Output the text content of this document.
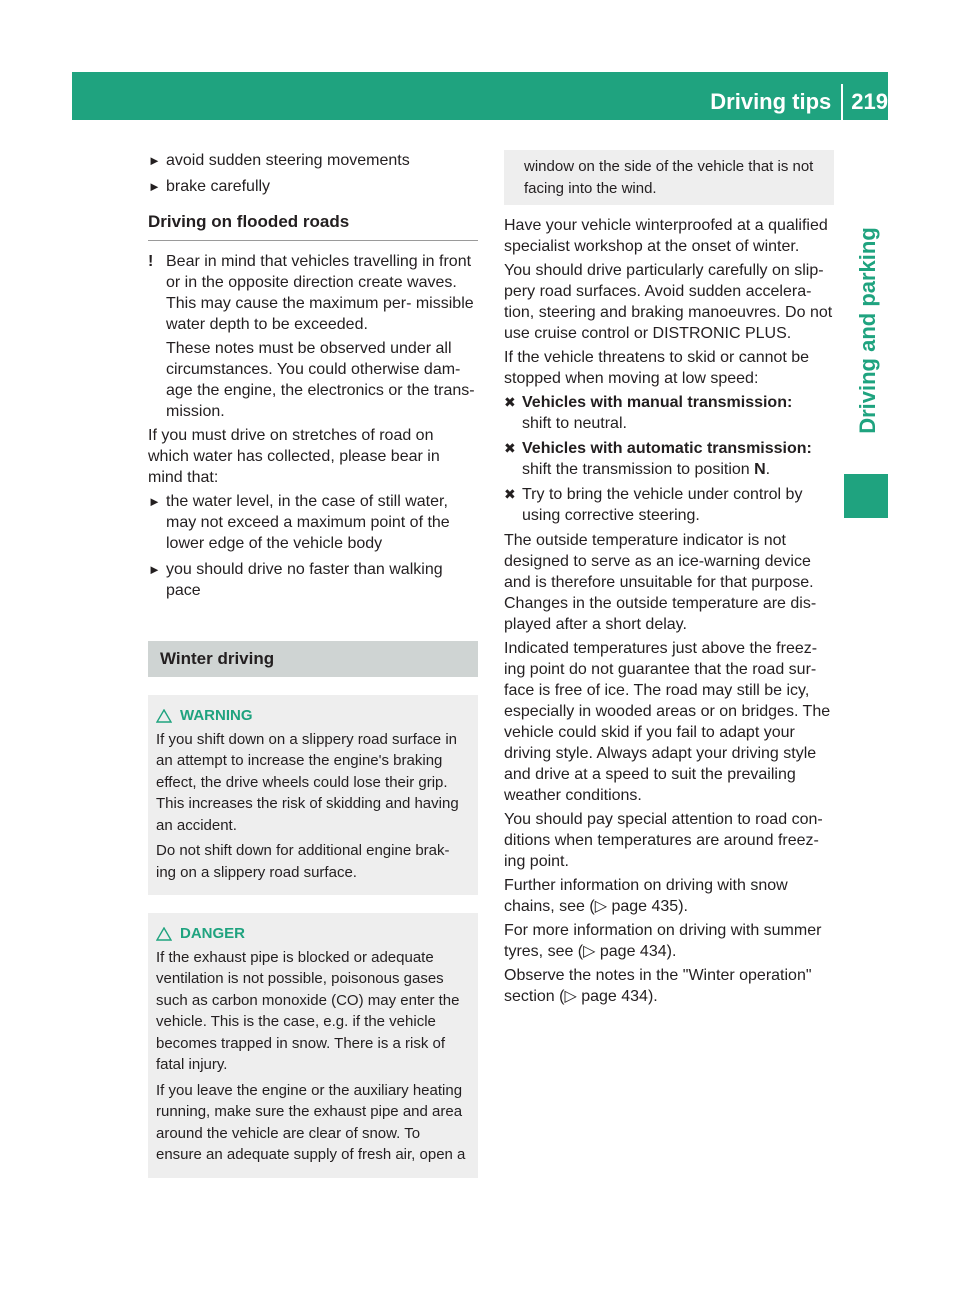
Driving tips 219
Driving and parking
► avoid sudden steering movements
► brake carefully
Driving on flooded roads
! Bear in mind that vehicles travelling in front or in the opposite direction create waves. This may cause the maximum per- missible water depth to be exceeded.

These notes must be observed under all circumstances. You could otherwise dam- age the engine, the electronics or the trans- mission.

If you must drive on stretches of road on which water has collected, please bear in mind that:

► the water level, in the case of still water, may not exceed a maximum point of the lower edge of the vehicle body
► you should drive no faster than walking pace
Winter driving
WARNING

If you shift down on a slippery road surface in an attempt to increase the engine's braking effect, the drive wheels could lose their grip. This increases the risk of skidding and having an accident.

Do not shift down for additional engine brak- ing on a slippery road surface.

DANGER

If the exhaust pipe is blocked or adequate ventilation is not possible, poisonous gases such as carbon monoxide (CO) may enter the vehicle. This is the case, e.g. if the vehicle becomes trapped in snow. There is a risk of fatal injury.

If you leave the engine or the auxiliary heating running, make sure the exhaust pipe and area around the vehicle are clear of snow. To ensure an adequate supply of fresh air, open a

window on the side of the vehicle that is not facing into the wind.

Have your vehicle winterproofed at a qualified specialist workshop at the onset of winter.

You should drive particularly carefully on slip- pery road surfaces. Avoid sudden accelera- tion, steering and braking manoeuvres. Do not use cruise control or DISTRONIC PLUS.

If the vehicle threatens to skid or cannot be stopped when moving at low speed:

✖ Vehicles with manual transmission:
shift to neutral.
✖ Vehicles with automatic transmission:
shift the transmission to position N.
✖ Try to bring the vehicle under control by using corrective steering.

The outside temperature indicator is not designed to serve as an ice-warning device and is therefore unsuitable for that purpose. Changes in the outside temperature are dis- played after a short delay.

Indicated temperatures just above the freez- ing point do not guarantee that the road sur- face is free of ice. The road may still be icy, especially in wooded areas or on bridges. The vehicle could skid if you fail to adapt your driving style. Always adapt your driving style and drive at a speed to suit the prevailing weather conditions.

You should pay special attention to road con- ditions when temperatures are around freez- ing point.

Further information on driving with snow chains, see (▷ page 435).

For more information on driving with summer tyres, see (▷ page 434).

Observe the notes in the "Winter operation" section (▷ page 434).
